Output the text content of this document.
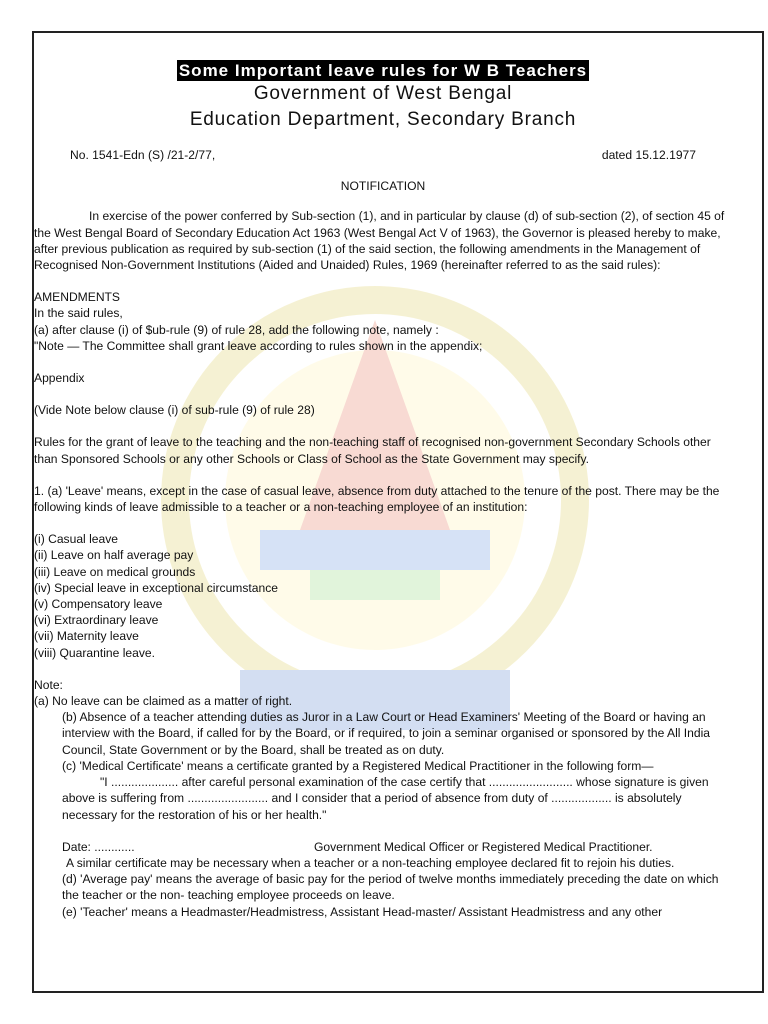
Some Important leave rules for W B Teachers
Government of West Bengal
Education Department, Secondary Branch
No. 1541-Edn (S) /21-2/77,	dated 15.12.1977
NOTIFICATION

In exercise of the power conferred by Sub-section (1), and in particular by clause (d) of sub-section (2), of section 45 of the West Bengal Board of Secondary Education Act 1963 (West Bengal Act V of 1963), the Governor is pleased hereby to make, after previous publication as required by sub-section (1) of the said section, the following amendments in the Management of Recognised Non-Government Institutions (Aided and Unaided) Rules, 1969 (hereinafter referred to as the said rules):

AMENDMENTS

In the said rules,

(a) after clause (i) of $ub-rule (9) of rule 28, add the following note, namely :

"Note — The Committee shall grant leave according to rules shown in the appendix;

Appendix

(Vide Note below clause (i) of sub-rule (9) of rule 28)

Rules for the grant of leave to the teaching and the non-teaching staff of recognised non-government Secondary Schools other than Sponsored Schools or any other Schools or Class of School as the State Government may specify.

1. (a) 'Leave' means, except in the case of casual leave, absence from duty attached to the tenure of the post. There may be the following kinds of leave admissible to a teacher or a non-teaching employee of an institution:

(i) Casual leave

(ii) Leave on half average pay

(iii) Leave on medical grounds

(iv) Special leave in exceptional circumstance

(v) Compensatory leave

(vi) Extraordinary leave

(vii) Maternity leave

(viii) Quarantine leave.

Note:

(a) No leave can be claimed as a matter of right.

(b) Absence of a teacher attending duties as Juror in a Law Court or Head Examiners' Meeting of the Board or having an interview with the Board, if called for by the Board, or if required, to join a seminar organised or sponsored by the All India Council, State Government or by the Board, shall be treated as on duty.

(c) 'Medical Certificate' means a certificate granted by a Registered Medical Practitioner in the following form—

"I .................... after careful personal examination of the case certify that ......................... whose signature is given above is suffering from ........................ and I consider that a period of absence from duty of .................. is absolutely necessary for the restoration of his or her health."

Date: ............	Government Medical Officer or Registered Medical Practitioner.

A similar certificate may be necessary when a teacher or a non-teaching employee declared fit to rejoin his duties.

(d) 'Average pay' means the average of basic pay for the period of twelve months immediately preceding the date on which the teacher or the non- teaching employee proceeds on leave.

(e) 'Teacher' means a Headmaster/Headmistress, Assistant Head-master/ Assistant Headmistress and any other
